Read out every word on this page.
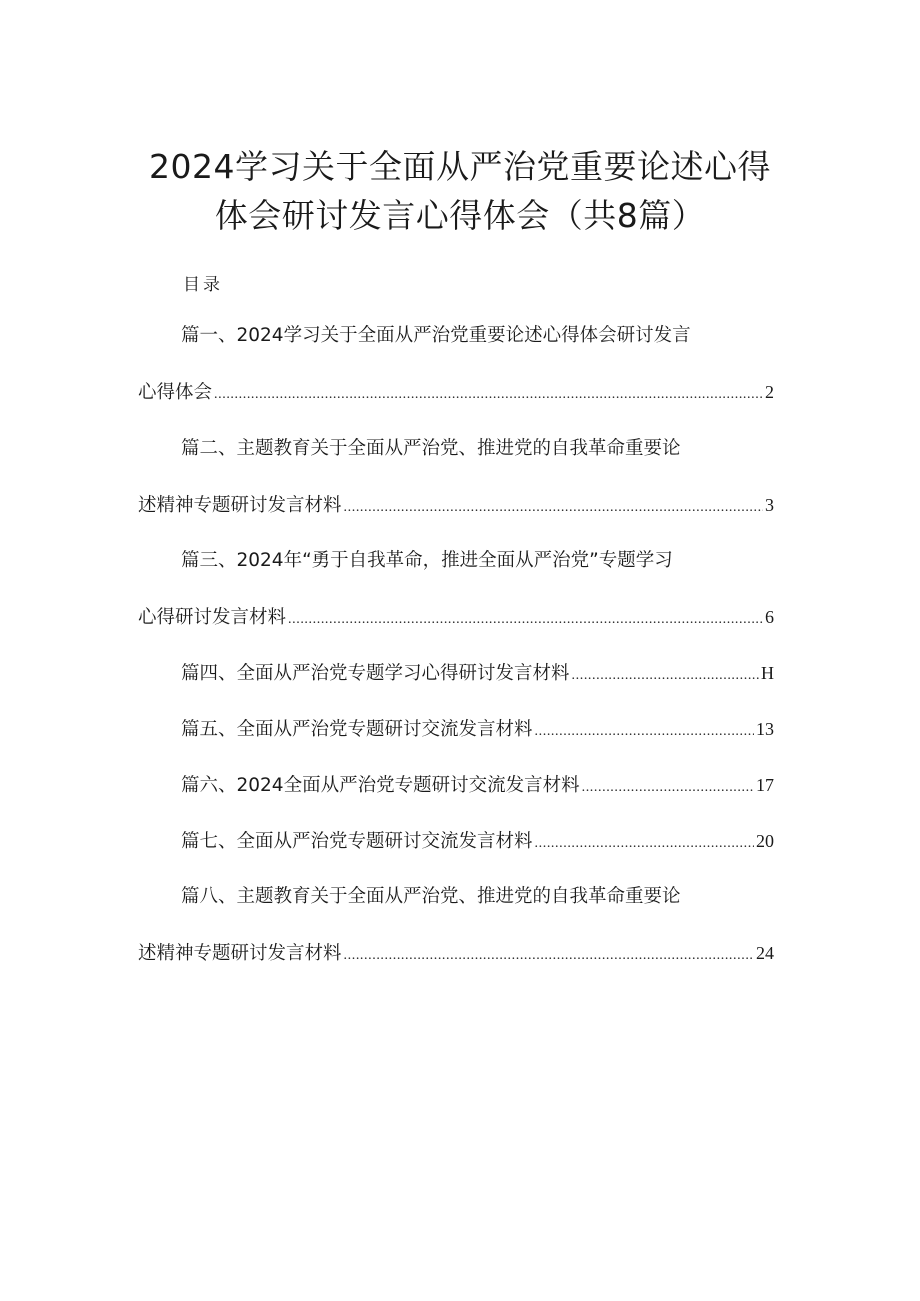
2024学习关于全面从严治党重要论述心得
体会研讨发言心得体会（共8篇）
目录
篇一、2024学习关于全面从严治党重要论述心得体会研讨发言
心得体会 .....	2
篇二、主题教育关于全面从严治党、推进党的自我革命重要论
述精神专题研讨发言材料 .....	3
篇三、2024年“勇于自我革命，推进全面从严治党”专题学习
心得研讨发言材料 .....	6
篇四、全面从严治党专题学习心得研讨发言材料 .....	H
篇五、全面从严治党专题研讨交流发言材料 .....	13
篇六、2024全面从严治党专题研讨交流发言材料 .....	17
篇七、全面从严治党专题研讨交流发言材料 .....	20
篇八、主题教育关于全面从严治党、推进党的自我革命重要论
述精神专题研讨发言材料 .....	24
